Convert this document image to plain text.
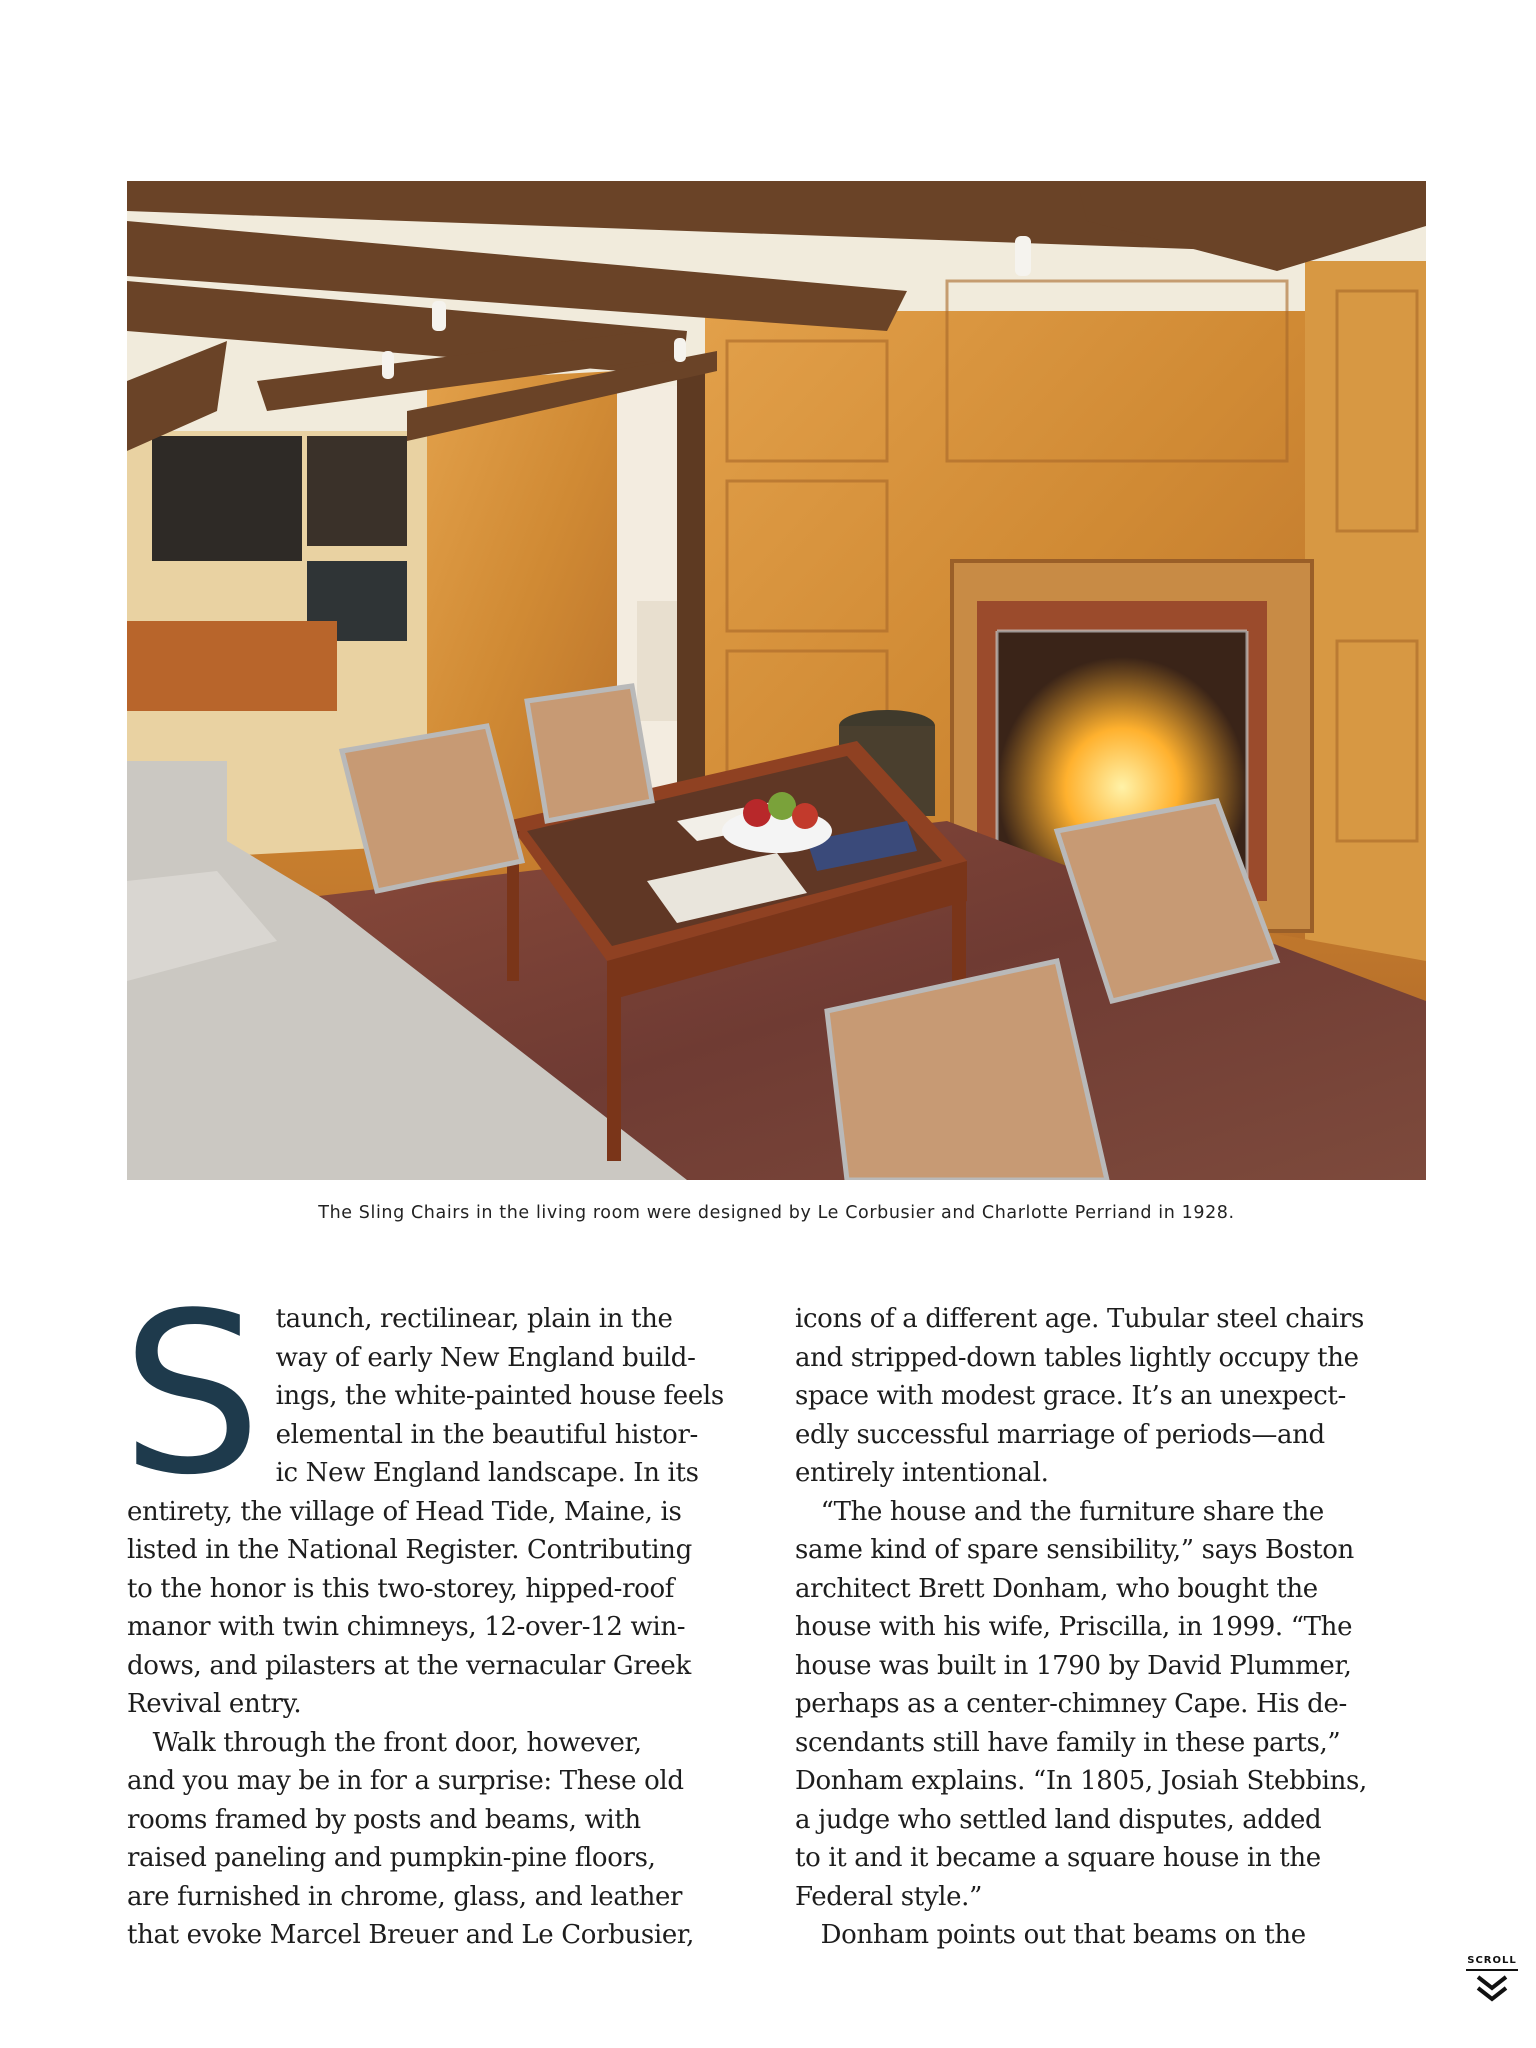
The Sling Chairs in the living room were designed by Le Corbusier and Charlotte Perriand in 1928.
S taunch, rectilinear, plain in the
way of early New England build-
ings, the white-painted house feels
elemental in the beautiful histor-
ic New England landscape. In its
entirety, the village of Head Tide, Maine, is
listed in the National Register. Contributing
to the honor is this two-storey, hipped-roof
manor with twin chimneys, 12-over-12 win-
dows, and pilasters at the vernacular Greek
Revival entry.
 Walk through the front door, however,
and you may be in for a surprise: These old
rooms framed by posts and beams, with
raised paneling and pumpkin-pine floors,
are furnished in chrome, glass, and leather
that evoke Marcel Breuer and Le Corbusier,
icons of a different age. Tubular steel chairs
and stripped-down tables lightly occupy the
space with modest grace. It’s an unexpect-
edly successful marriage of periods—and
entirely intentional.
 “The house and the furniture share the
same kind of spare sensibility,” says Boston
architect Brett Donham, who bought the
house with his wife, Priscilla, in 1999. “The
house was built in 1790 by David Plummer,
perhaps as a center-chimney Cape. His de-
scendants still have family in these parts,”
Donham explains. “In 1805, Josiah Stebbins,
a judge who settled land disputes, added
to it and it became a square house in the
Federal style.”
 Donham points out that beams on the
SCROLL
